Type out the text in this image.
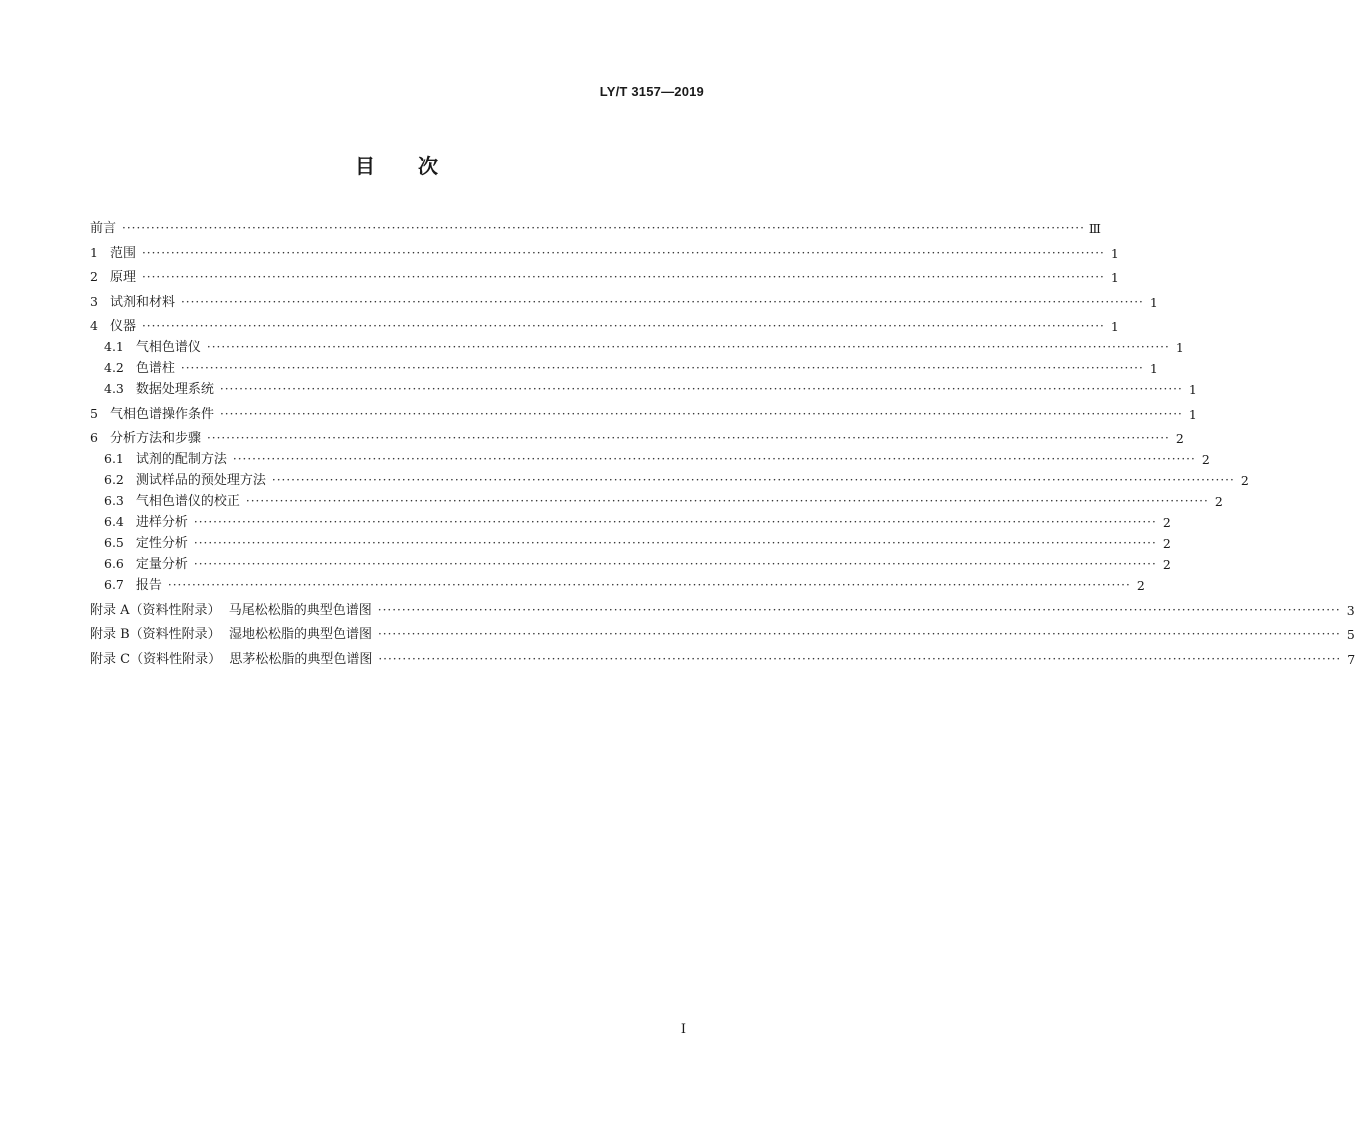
LY/T 3157—2019
目 次
前言 ········································································································································································································ Ⅲ
1 范围 ········································································································································································································ 1
2 原理 ········································································································································································································ 1
3 试剂和材料 ········································································································································································································ 1
4 仪器 ········································································································································································································ 1
4.1 气相色谱仪 ········································································································································································································ 1
4.2 色谱柱 ········································································································································································································ 1
4.3 数据处理系统 ········································································································································································································ 1
5 气相色谱操作条件 ········································································································································································································ 1
6 分析方法和步骤 ········································································································································································································ 2
6.1 试剂的配制方法 ········································································································································································································ 2
6.2 测试样品的预处理方法 ········································································································································································································ 2
6.3 气相色谱仪的校正 ········································································································································································································ 2
6.4 进样分析 ········································································································································································································ 2
6.5 定性分析 ········································································································································································································ 2
6.6 定量分析 ········································································································································································································ 2
6.7 报告 ········································································································································································································ 2
附录 A（资料性附录）  马尾松松脂的典型色谱图 ········································································································································································································ 3
附录 B（资料性附录）  湿地松松脂的典型色谱图 ········································································································································································································ 5
附录 C（资料性附录）  思茅松松脂的典型色谱图 ········································································································································································································ 7
I
